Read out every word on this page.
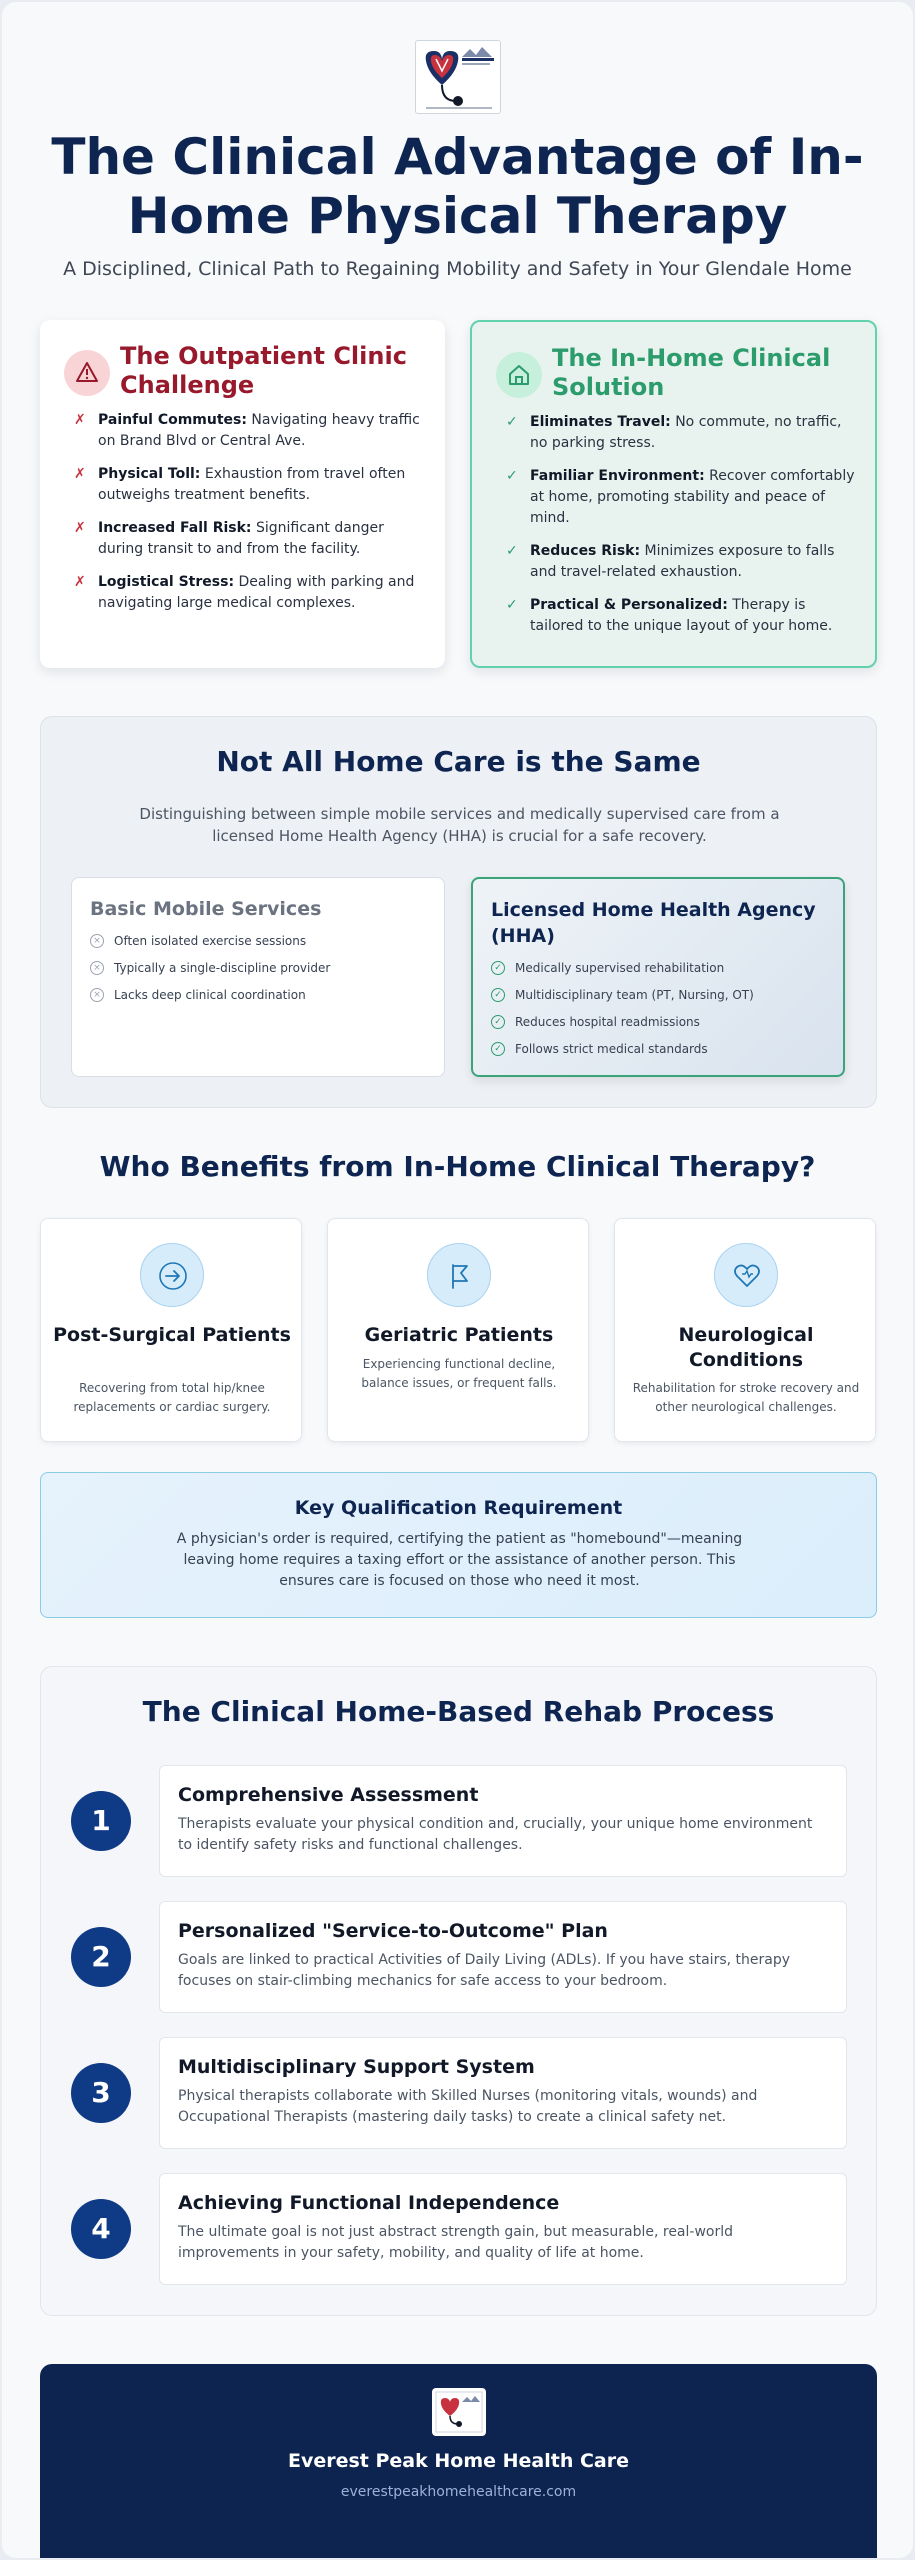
The Clinical Advantage of In-Home Physical Therapy
A Disciplined, Clinical Path to Regaining Mobility and Safety in Your Glendale Home
The Outpatient Clinic Challenge
✗ Painful Commutes: Navigating heavy traffic on Brand Blvd or Central Ave.
✗ Physical Toll: Exhaustion from travel often outweighs treatment benefits.
✗ Increased Fall Risk: Significant danger during transit to and from the facility.
✗ Logistical Stress: Dealing with parking and navigating large medical complexes.
The In-Home Clinical Solution
✓ Eliminates Travel: No commute, no traffic, no parking stress.
✓ Familiar Environment: Recover comfortably at home, promoting stability and peace of mind.
✓ Reduces Risk: Minimizes exposure to falls and travel-related exhaustion.
✓ Practical & Personalized: Therapy is tailored to the unique layout of your home.
Not All Home Care is the Same
Distinguishing between simple mobile services and medically supervised care from a licensed Home Health Agency (HHA) is crucial for a safe recovery.
Basic Mobile Services
× Often isolated exercise sessions
× Typically a single-discipline provider
× Lacks deep clinical coordination
Licensed Home Health Agency (HHA)
✓ Medically supervised rehabilitation
✓ Multidisciplinary team (PT, Nursing, OT)
✓ Reduces hospital readmissions
✓ Follows strict medical standards
Who Benefits from In-Home Clinical Therapy?
Post-Surgical Patients
Recovering from total hip/knee replacements or cardiac surgery.
Geriatric Patients
Experiencing functional decline, balance issues, or frequent falls.
Neurological Conditions
Rehabilitation for stroke recovery and other neurological challenges.
Key Qualification Requirement
A physician's order is required, certifying the patient as "homebound"—meaning leaving home requires a taxing effort or the assistance of another person. This ensures care is focused on those who need it most.
The Clinical Home-Based Rehab Process
1
Comprehensive Assessment
Therapists evaluate your physical condition and, crucially, your unique home environment to identify safety risks and functional challenges.
2
Personalized "Service-to-Outcome" Plan
Goals are linked to practical Activities of Daily Living (ADLs). If you have stairs, therapy focuses on stair-climbing mechanics for safe access to your bedroom.
3
Multidisciplinary Support System
Physical therapists collaborate with Skilled Nurses (monitoring vitals, wounds) and Occupational Therapists (mastering daily tasks) to create a clinical safety net.
4
Achieving Functional Independence
The ultimate goal is not just abstract strength gain, but measurable, real-world improvements in your safety, mobility, and quality of life at home.
Everest Peak Home Health Care
everestpeakhomehealthcare.com
